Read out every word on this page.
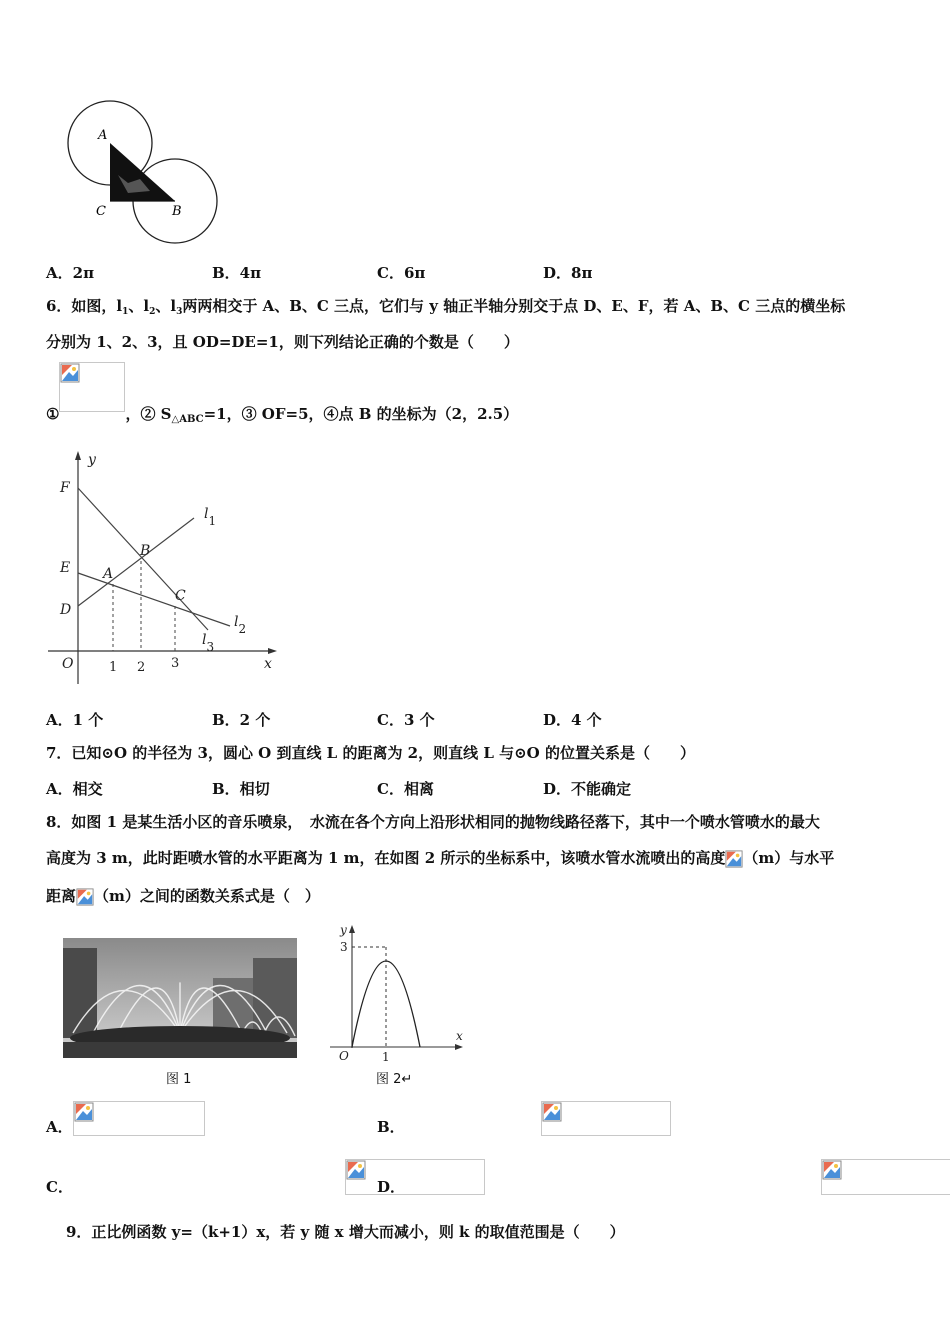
A
C	B
A．2π	B．4π	C．6π	D．8π
6．如图，$l_1$、$l_2$、$l_3$两两相交于 A、B、C 三点，它们与 y 轴正半轴分别交于点 D、E、F，若 A、B、C 三点的横坐标
分别为 1、2、3，且 OD=DE=1，则下列结论正确的个数是（　　）
①	，② $S_{\triangle ABC}=1$，③ OF=5，④点 B 的坐标为（2，2.5）
y
x
O
F
E
D
A
B
C
l1
l2
l3
1 2 3
A．1 个	B．2 个	C．3 个	D．4 个
7．已知⊙O 的半径为 3，圆心 O 到直线 L 的距离为 2，则直线 L 与⊙O 的位置关系是（　　）
A．相交	B．相切	C．相离	D．不能确定
8．如图 1 是某生活小区的音乐喷泉，　水流在各个方向上沿形状相同的抛物线路径落下，其中一个喷水管喷水的最大
高度为 3 m，此时距喷水管的水平距离为 1 m，在如图 2 所示的坐标系中，该喷水管水流喷出的高度 （m）与水平
距离 （m）之间的函数关系式是（　）
图 1
y
x
O
3
1
图 2↵
A．
	B．

C．
	D．
9．正比例函数 y=（k+1）x，若 y 随 x 增大而减小，则 k 的取值范围是（　　）
